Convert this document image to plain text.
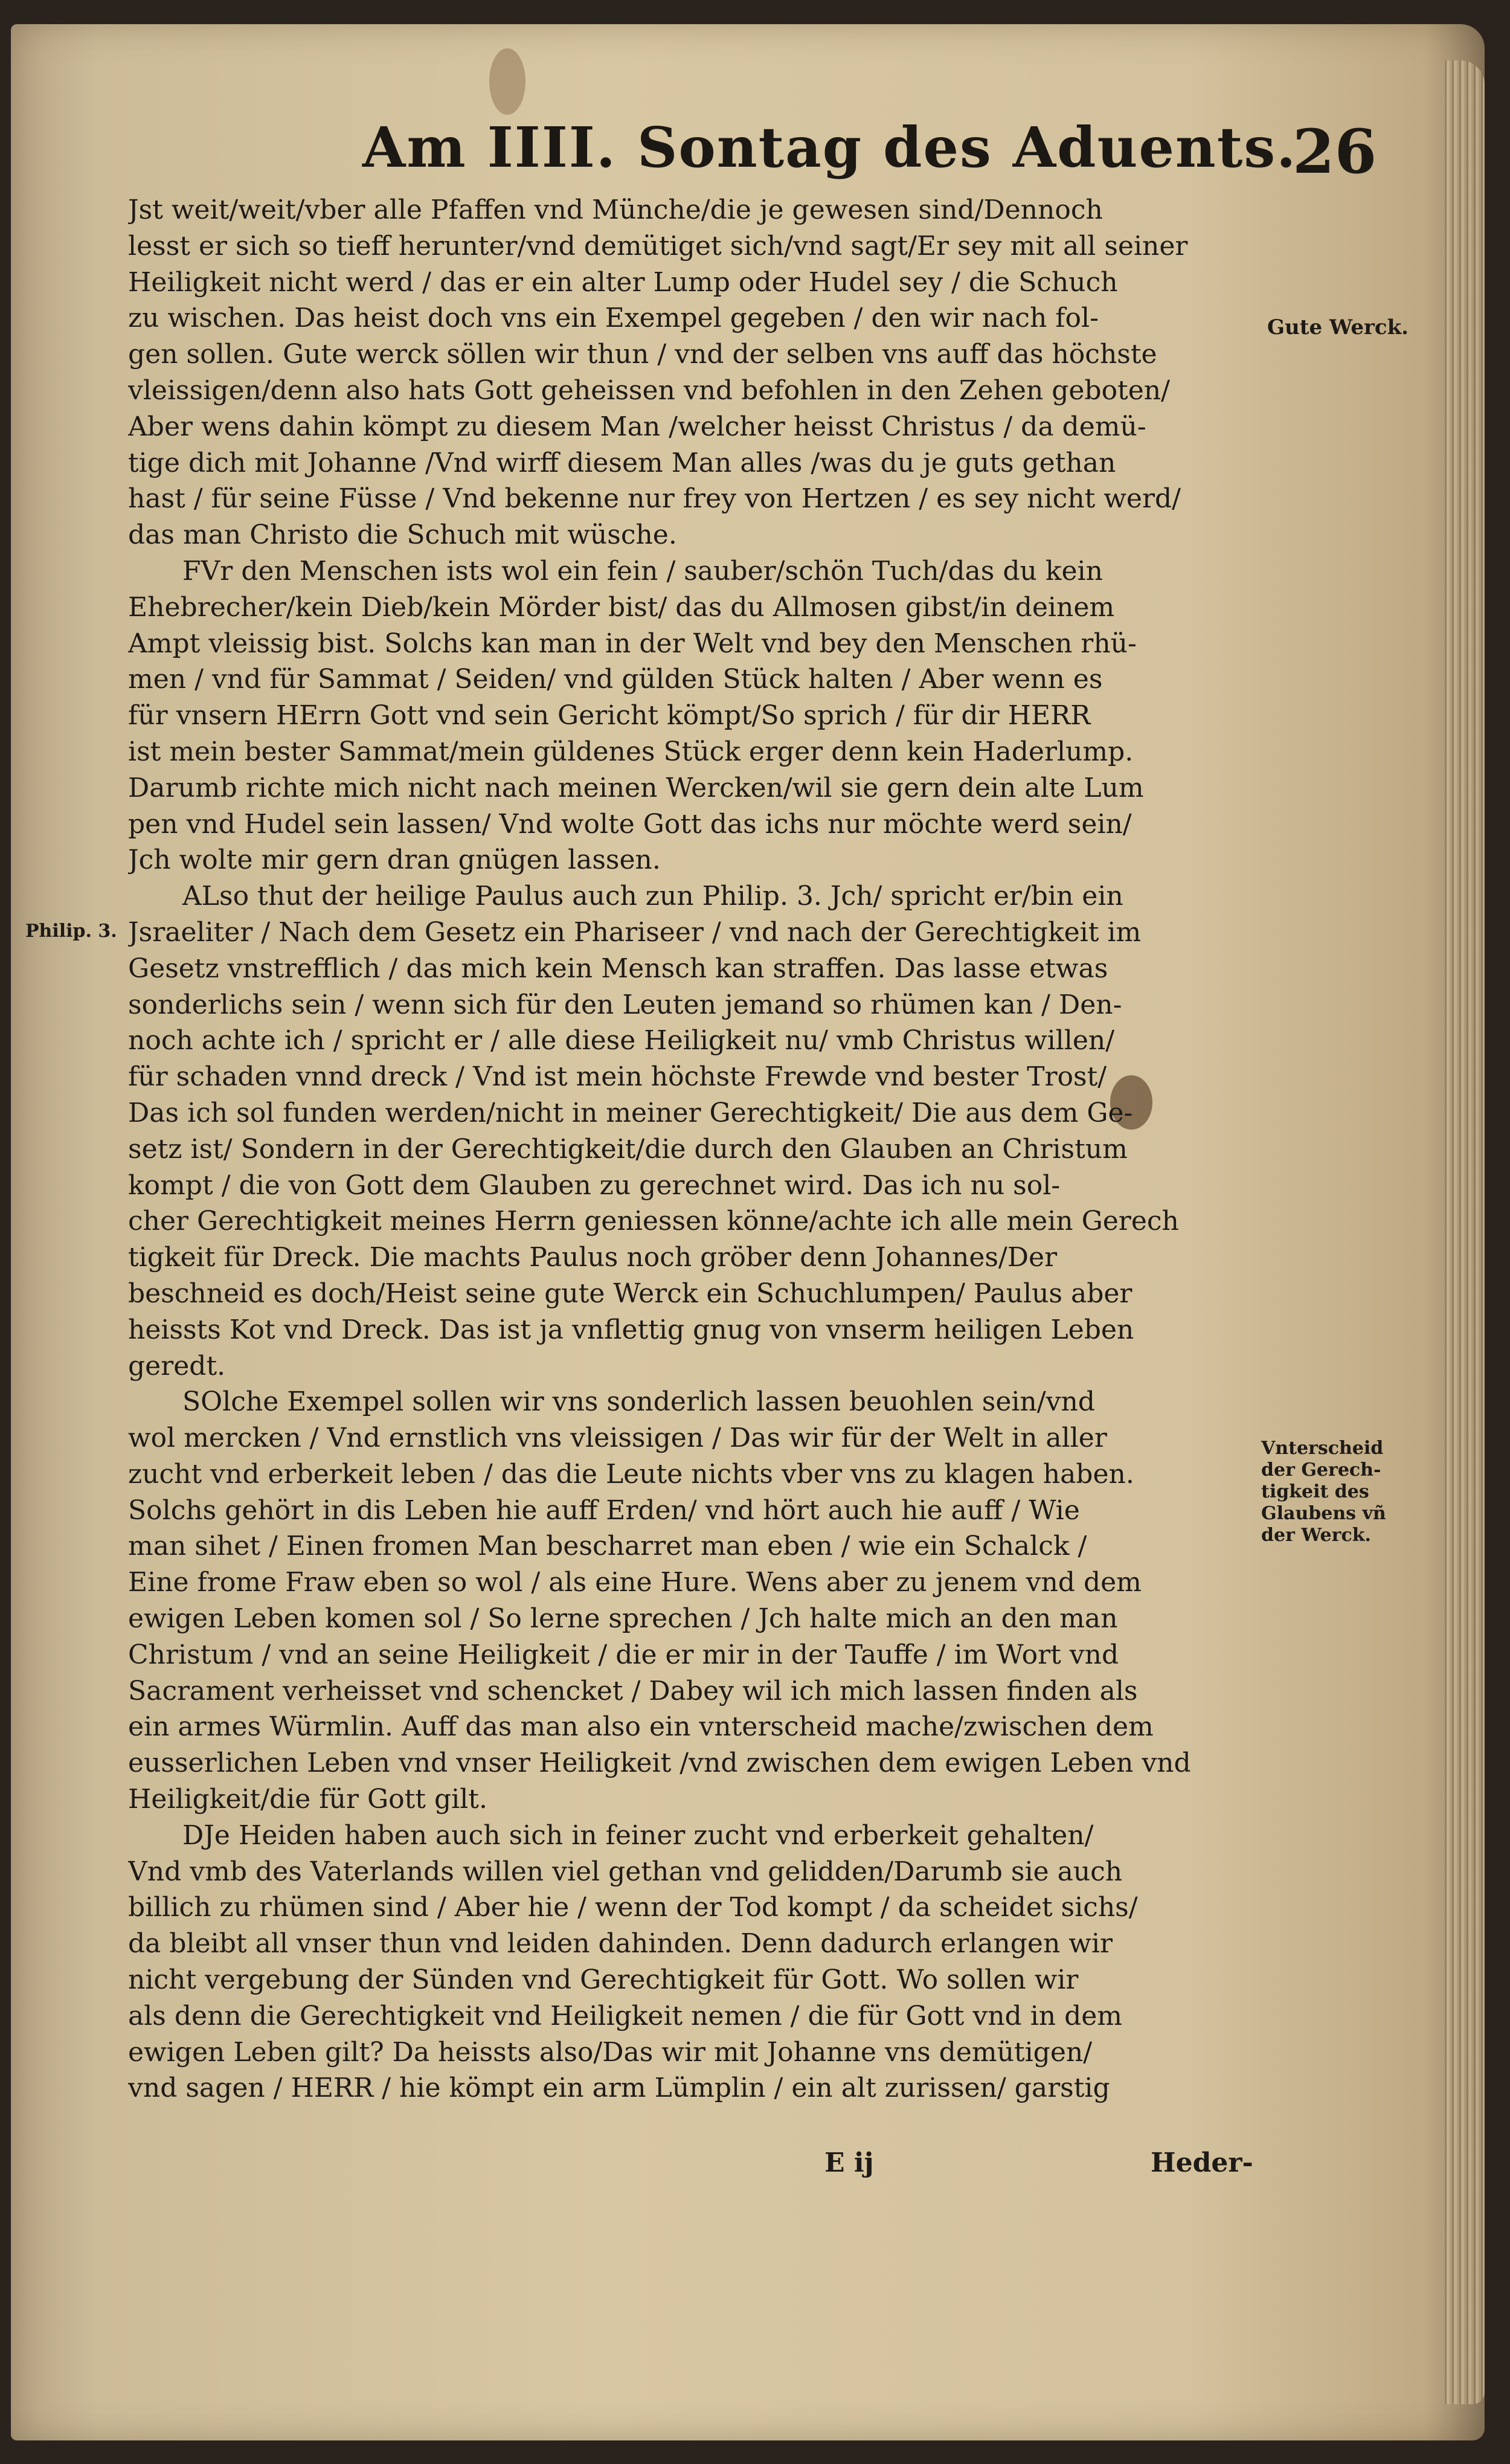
Am IIII. Sontag des Aduents.
26
Gute Werck.
Philip. 3.
Vnterscheid
der Gerech-
tigkeit des
Glaubens vñ
der Werck.
Jst weit/weit/vber alle Pfaffen vnd Münche/die je gewesen sind/Dennoch
lesst er sich so tieff herunter/vnd demütiget sich/vnd sagt/Er sey mit all seiner
Heiligkeit nicht werd / das er ein alter Lump oder Hudel sey / die Schuch
zu wischen. Das heist doch vns ein Exempel gegeben / den wir nach fol-
gen sollen. Gute werck söllen wir thun / vnd der selben vns auff das höchste
vleissigen/denn also hats Gott geheissen vnd befohlen in den Zehen geboten/
Aber wens dahin kömpt zu diesem Man /welcher heisst Christus / da demü-
tige dich mit Johanne /Vnd wirff diesem Man alles /was du je guts gethan
hast / für seine Füsse / Vnd bekenne nur frey von Hertzen / es sey nicht werd/
das man Christo die Schuch mit wüsche.
FVr den Menschen ists wol ein fein / sauber/schön Tuch/das du kein
Ehebrecher/kein Dieb/kein Mörder bist/ das du Allmosen gibst/in deinem
Ampt vleissig bist. Solchs kan man in der Welt vnd bey den Menschen rhü-
men / vnd für Sammat / Seiden/ vnd gülden Stück halten / Aber wenn es
für vnsern HErrn Gott vnd sein Gericht kömpt/So sprich / für dir HERR
ist mein bester Sammat/mein güldenes Stück erger denn kein Haderlump.
Darumb richte mich nicht nach meinen Wercken/wil sie gern dein alte Lum
pen vnd Hudel sein lassen/ Vnd wolte Gott das ichs nur möchte werd sein/
Jch wolte mir gern dran gnügen lassen.
ALso thut der heilige Paulus auch zun Philip. 3. Jch/ spricht er/bin ein
Jsraeliter / Nach dem Gesetz ein Phariseer / vnd nach der Gerechtigkeit im
Gesetz vnstrefflich / das mich kein Mensch kan straffen. Das lasse etwas
sonderlichs sein / wenn sich für den Leuten jemand so rhümen kan / Den-
noch achte ich / spricht er / alle diese Heiligkeit nu/ vmb Christus willen/
für schaden vnnd dreck / Vnd ist mein höchste Frewde vnd bester Trost/
Das ich sol funden werden/nicht in meiner Gerechtigkeit/ Die aus dem Ge-
setz ist/ Sondern in der Gerechtigkeit/die durch den Glauben an Christum
kompt / die von Gott dem Glauben zu gerechnet wird. Das ich nu sol-
cher Gerechtigkeit meines Herrn geniessen könne/achte ich alle mein Gerech
tigkeit für Dreck. Die machts Paulus noch gröber denn Johannes/Der
beschneid es doch/Heist seine gute Werck ein Schuchlumpen/ Paulus aber
heissts Kot vnd Dreck. Das ist ja vnflettig gnug von vnserm heiligen Leben
geredt.
SOlche Exempel sollen wir vns sonderlich lassen beuohlen sein/vnd
wol mercken / Vnd ernstlich vns vleissigen / Das wir für der Welt in aller
zucht vnd erberkeit leben / das die Leute nichts vber vns zu klagen haben.
Solchs gehört in dis Leben hie auff Erden/ vnd hört auch hie auff / Wie
man sihet / Einen fromen Man bescharret man eben / wie ein Schalck /
Eine frome Fraw eben so wol / als eine Hure. Wens aber zu jenem vnd dem
ewigen Leben komen sol / So lerne sprechen / Jch halte mich an den man
Christum / vnd an seine Heiligkeit / die er mir in der Tauffe / im Wort vnd
Sacrament verheisset vnd schencket / Dabey wil ich mich lassen finden als
ein armes Würmlin. Auff das man also ein vnterscheid mache/zwischen dem
eusserlichen Leben vnd vnser Heiligkeit /vnd zwischen dem ewigen Leben vnd
Heiligkeit/die für Gott gilt.
DJe Heiden haben auch sich in feiner zucht vnd erberkeit gehalten/
Vnd vmb des Vaterlands willen viel gethan vnd gelidden/Darumb sie auch
billich zu rhümen sind / Aber hie / wenn der Tod kompt / da scheidet sichs/
da bleibt all vnser thun vnd leiden dahinden. Denn dadurch erlangen wir
nicht vergebung der Sünden vnd Gerechtigkeit für Gott. Wo sollen wir
als denn die Gerechtigkeit vnd Heiligkeit nemen / die für Gott vnd in dem
ewigen Leben gilt? Da heissts also/Das wir mit Johanne vns demütigen/
vnd sagen / HERR / hie kömpt ein arm Lümplin / ein alt zurissen/ garstig
E ij	Heder-
